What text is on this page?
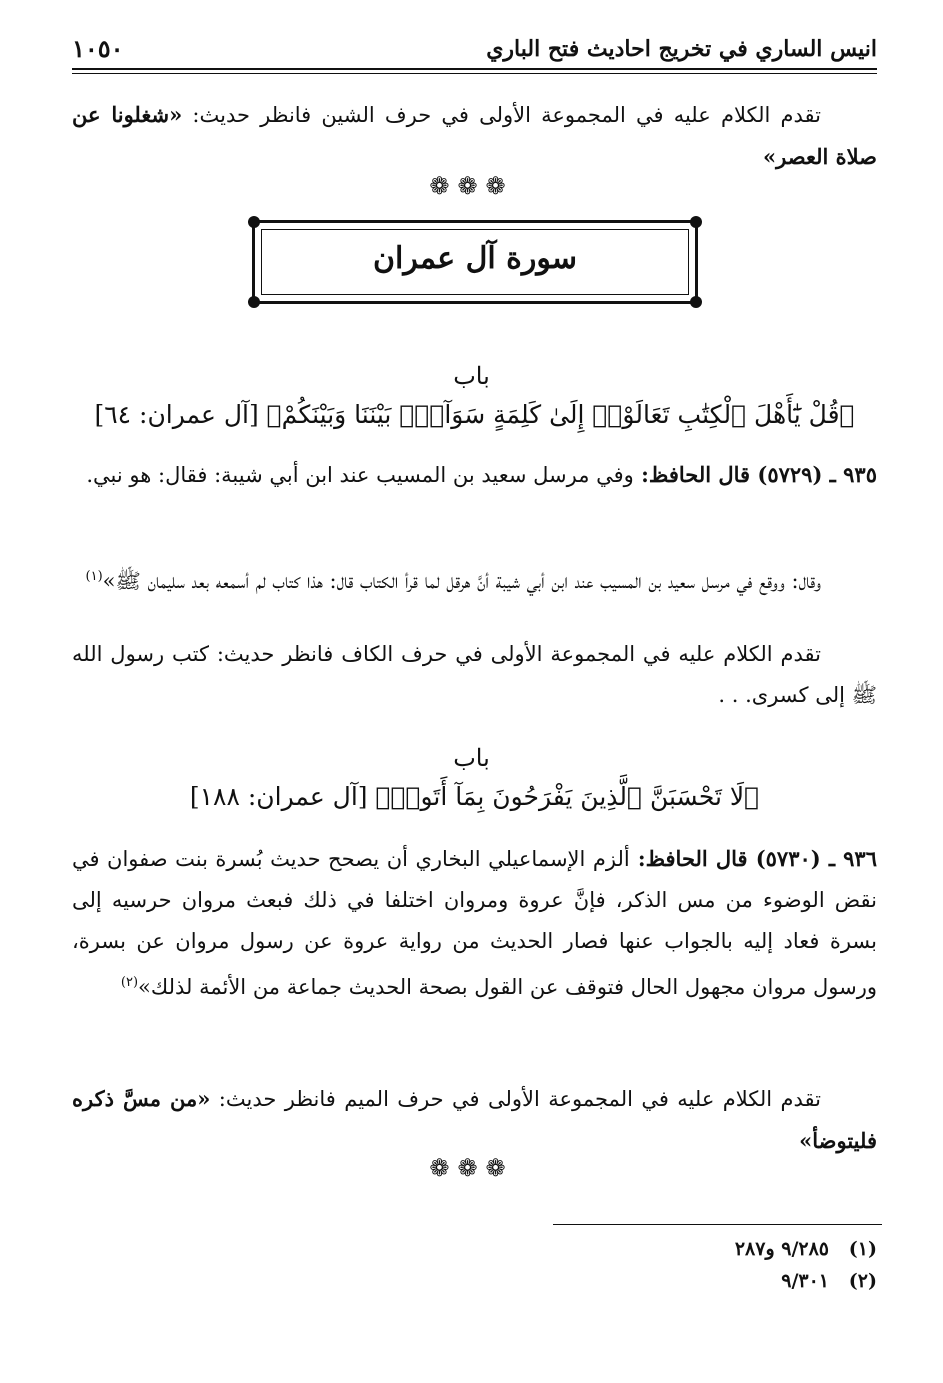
انيس الساري في تخريج احاديث فتح الباري
١٠٥٠
تقدم الكلام عليه في المجموعة الأولى في حرف الشين فانظر حديث: «شغلونا عن صلاة العصر»
❁❁❁
سورة آل عمران
باب
﴿قُلْ يَٰٓأَهْلَ ٱلْكِتَٰبِ تَعَالَوْا۟ إِلَىٰ كَلِمَةٍ سَوَآءٍۭ بَيْنَنَا وَبَيْنَكُمْ﴾ [آل عمران: ٦٤]
٩٣٥ ـ (٥٧٢٩) قال الحافظ: وفي مرسل سعيد بن المسيب عند ابن أبي شيبة: فقال: هو نبي.
وقال: ووقع في مرسل سعيد بن المسيب عند ابن أبي شيبة أنَّ هرقل لما قرأ الكتاب قال: هذا كتاب لم أسمعه بعد سليمان ﷺ»$^{(١)}$
تقدم الكلام عليه في المجموعة الأولى في حرف الكاف فانظر حديث: كتب رسول الله ﷺ إلى كسرى. . .
باب
﴿لَا تَحْسَبَنَّ ٱلَّذِينَ يَفْرَحُونَ بِمَآ أَتَوا۟﴾ [آل عمران: ١٨٨]
٩٣٦ ـ (٥٧٣٠) قال الحافظ: ألزم الإسماعيلي البخاري أن يصحح حديث بُسرة بنت صفوان في نقض الوضوء من مس الذكر، فإنَّ عروة ومروان اختلفا في ذلك فبعث مروان حرسيه إلى بسرة فعاد إليه بالجواب عنها فصار الحديث من رواية عروة عن رسول مروان عن بسرة، ورسول مروان مجهول الحال فتوقف عن القول بصحة الحديث جماعة من الأئمة لذلك»$^{(٢)}$
تقدم الكلام عليه في المجموعة الأولى في حرف الميم فانظر حديث: «من مسَّ ذكره فليتوضأ»
❁❁❁
(١)٩/٢٨٥ و٢٨٧
(٢)٩/٣٠١
